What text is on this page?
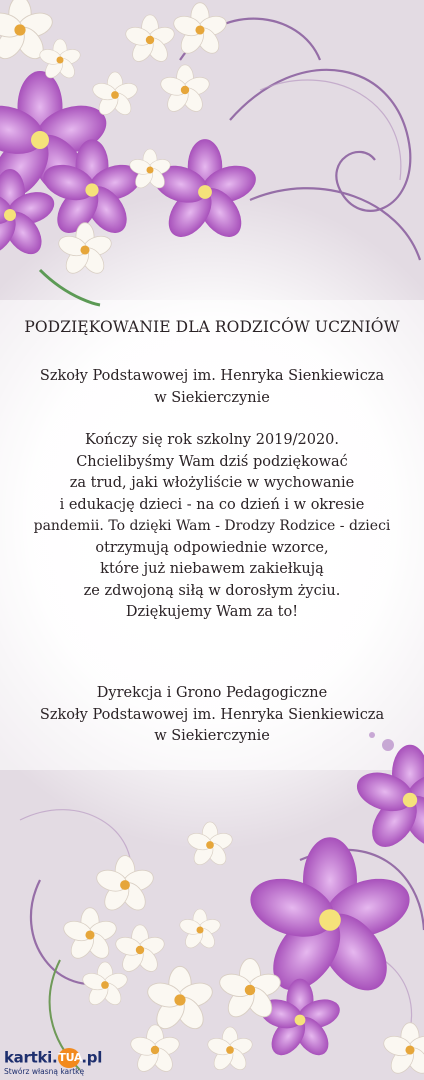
PODZIĘKOWANIE DLA RODZICÓW UCZNIÓW
Szkoły Podstawowej im. Henryka Sienkiewicza
w Siekierczynie
Kończy się rok szkolny 2019/2020.
Chcielibyśmy Wam dziś podziękować
za trud, jaki włożyliście w wychowanie
i edukację dzieci - na co dzień i w okresie
pandemii. To dzięki Wam - Drodzy Rodzice - dzieci
otrzymują odpowiednie wzorce,
które już niebawem zakiełkują
ze zdwojoną siłą w dorosłym życiu.
Dziękujemy Wam za to!
Dyrekcja i Grono Pedagogiczne
Szkoły Podstawowej im. Henryka Sienkiewicza
w Siekierczynie
kartki.TUA.pl
Stwórz własną kartkę
